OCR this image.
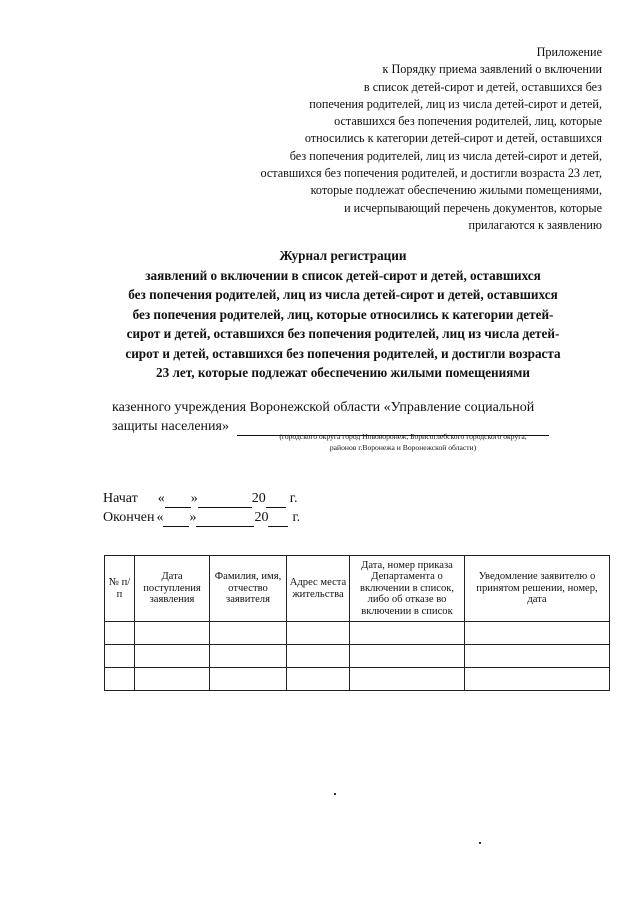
Приложение
к Порядку приема заявлений о включении
в список детей-сирот и детей, оставшихся без
попечения родителей, лиц из числа детей-сирот и детей,
оставшихся без попечения родителей, лиц, которые
относились к категории детей-сирот и детей, оставшихся
без попечения родителей, лиц из числа детей-сирот и детей,
оставшихся без попечения родителей, и достигли возраста 23 лет,
которые подлежат обеспечению жилыми помещениями,
и исчерпывающий перечень документов, которые
прилагаются к заявлению
Журнал регистрации
заявлений о включении в список детей-сирот и детей, оставшихся
без попечения родителей, лиц из числа детей-сирот и детей, оставшихся
без попечения родителей, лиц, которые относились к категории детей-
сирот и детей, оставшихся без попечения родителей, лиц из числа детей-
сирот и детей, оставшихся без попечения родителей, и достигли возраста
23 лет, которые подлежат обеспечению жилыми помещениями
казенного учреждения Воронежской области «Управление социальной
защиты населения»
(городского округа город Нововоронеж, Борисоглебского городского округа,
районов г.Воронежа и Воронежской области)
Начат « »	20 г.
Окончен « »	20 г.
№ п/п	Дата поступления заявления	Фамилия, имя, отчество заявителя	Адрес места жительства	Дата, номер приказа Департамента о включении в список, либо об отказе во включении в список	Уведомление заявителю о принятом решении, номер, дата
